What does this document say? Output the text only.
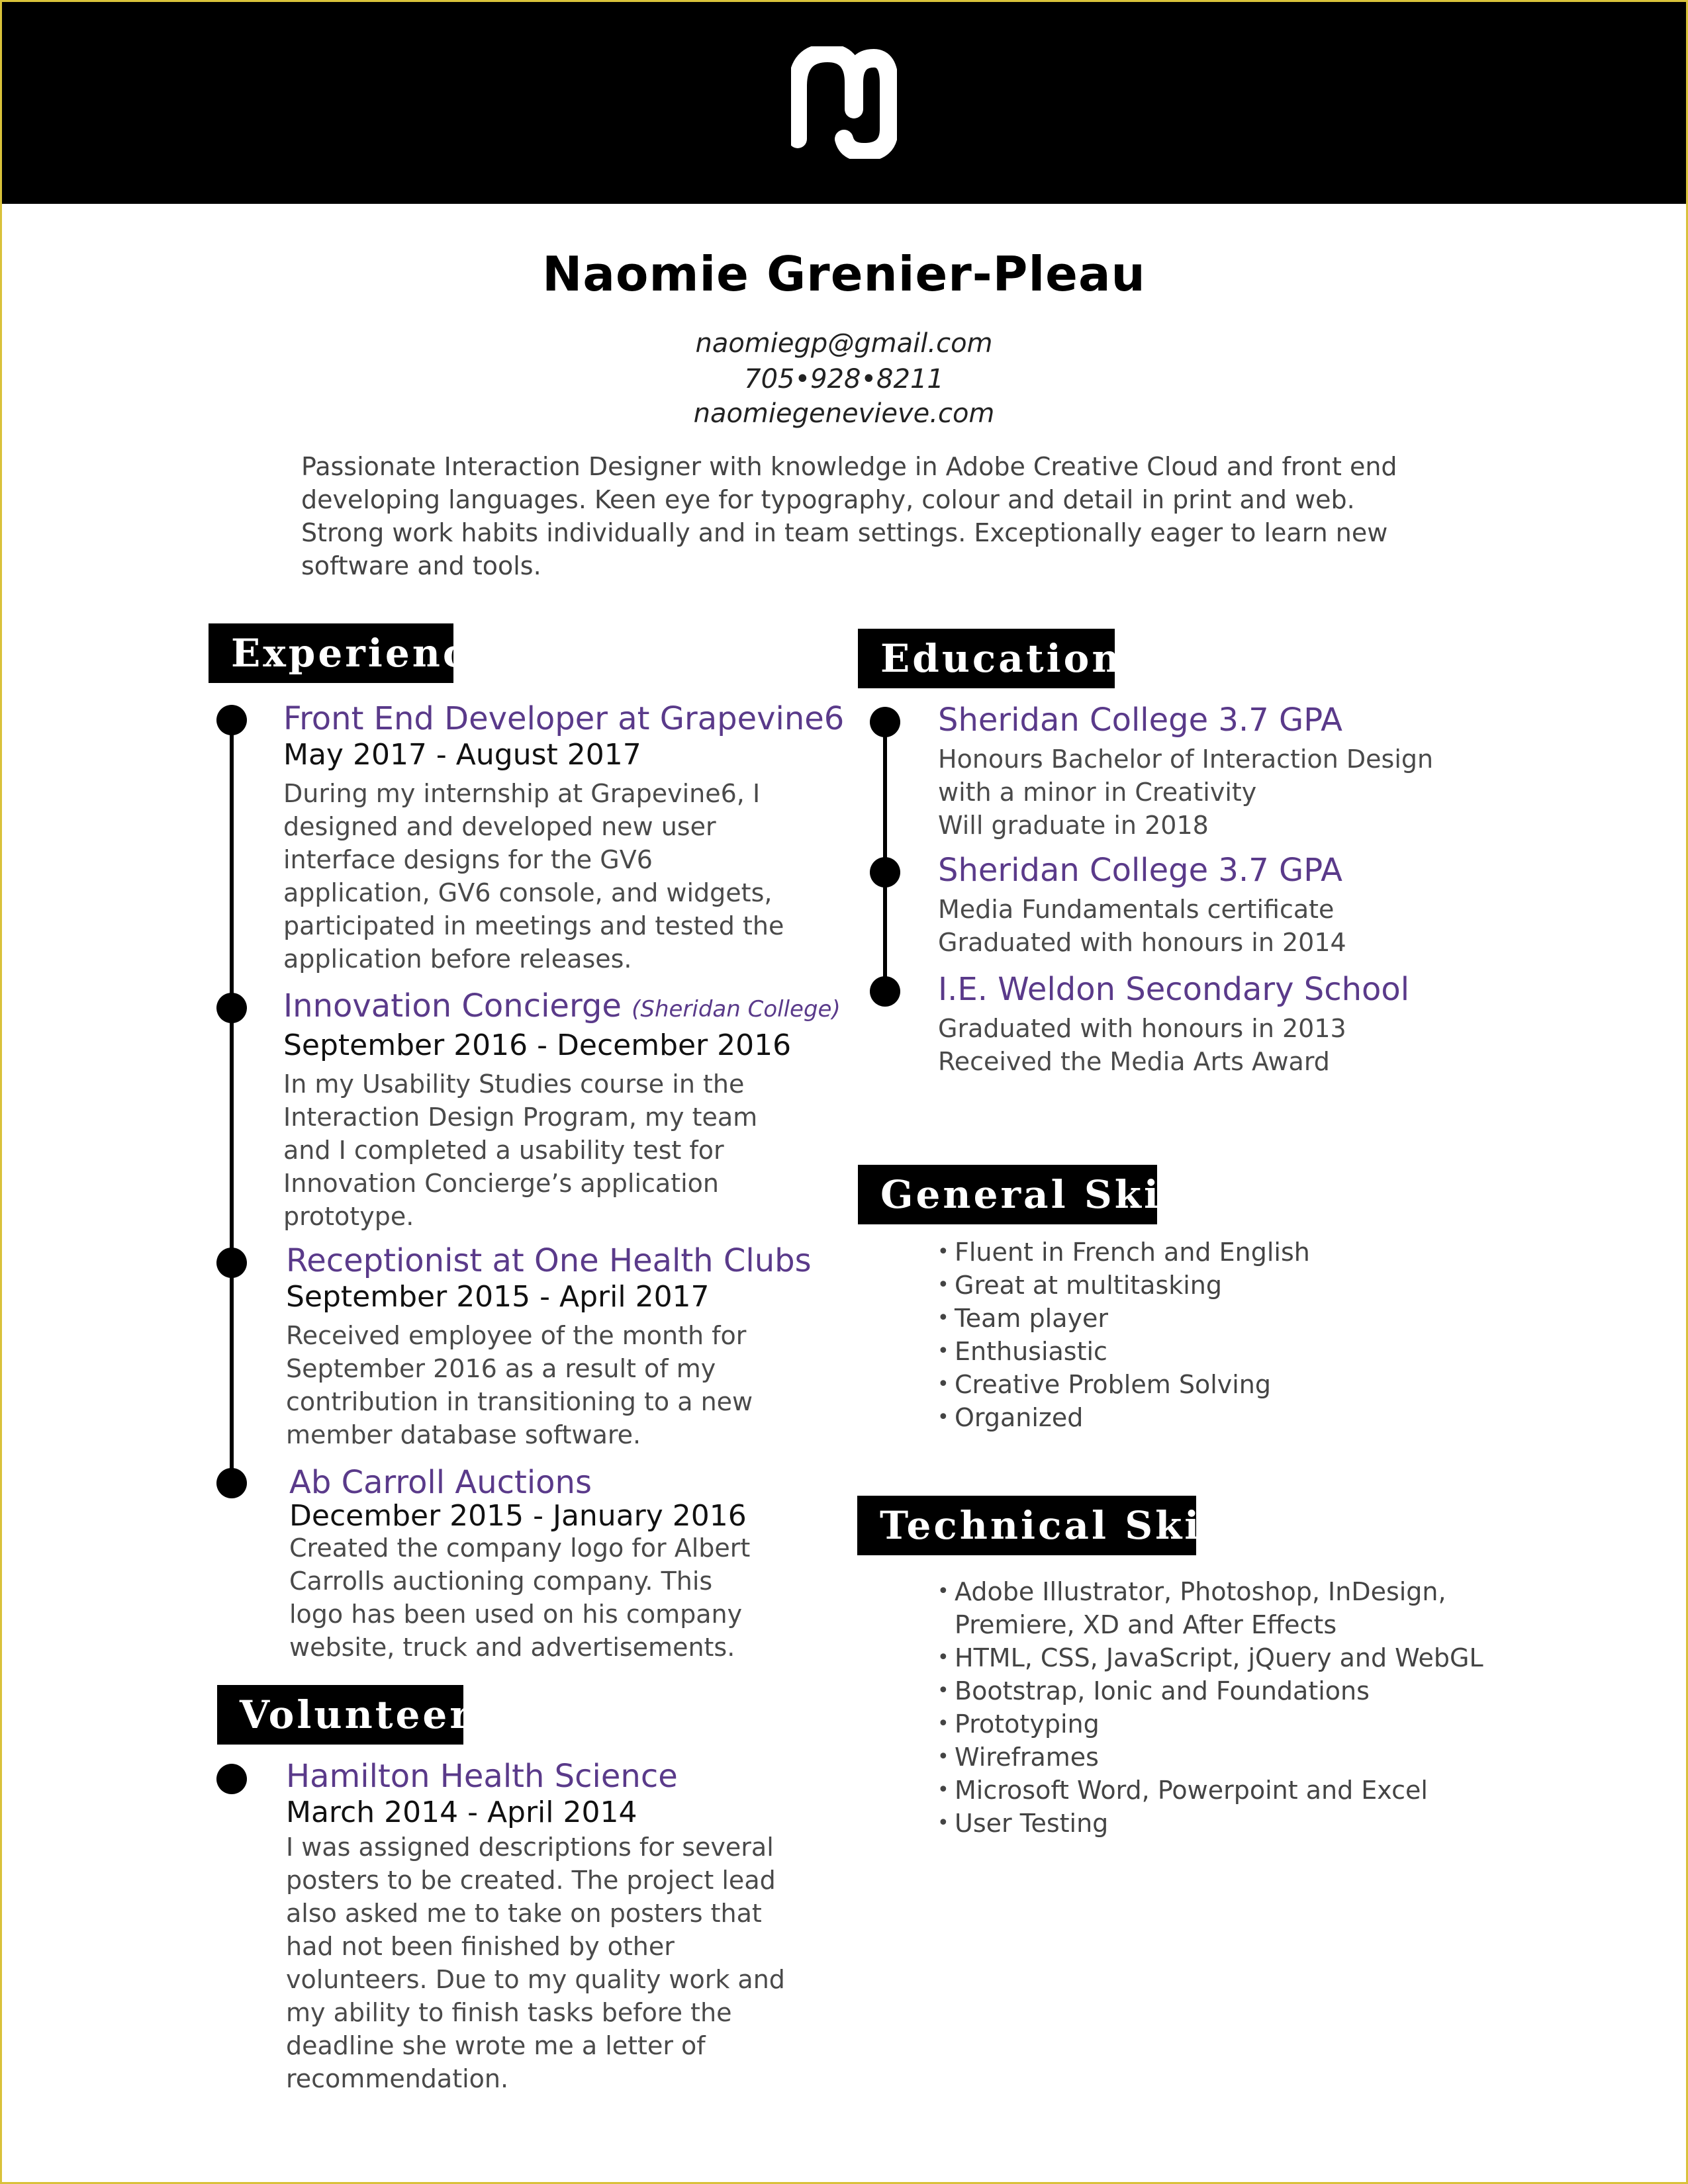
Naomie Grenier-Pleau
naomiegp@gmail.com
705•928•8211
naomiegenevieve.com
Passionate Interaction Designer with knowledge in Adobe Creative Cloud and front end developing languages. Keen eye for typography, colour and detail in print and web. Strong work habits individually and in team settings. Exceptionally eager to learn new software and tools.
Experience
Front End Developer at Grapevine6
May 2017 - August 2017
During my internship at Grapevine6, I designed and developed new user interface designs for the GV6 application, GV6 console, and widgets, participated in meetings and tested the application before releases.
Innovation Concierge (Sheridan College)
September 2016 - December 2016
In my Usability Studies course in the Interaction Design Program, my team and I completed a usability test for Innovation Concierge’s application prototype.
Receptionist at One Health Clubs
September 2015 - April 2017
Received employee of the month for September 2016 as a result of my contribution in transitioning to a new member database software.
Ab Carroll Auctions
December 2015 - January 2016
Created the company logo for Albert Carrolls auctioning company. This logo has been used on his company website, truck and advertisements.
Volunteer
Hamilton Health Science
March 2014 - April 2014
I was assigned descriptions for several posters to be created. The project lead also asked me to take on posters that had not been finished by other volunteers. Due to my quality work and my ability to finish tasks before the deadline she wrote me a letter of recommendation.
Education
Sheridan College 3.7 GPA
Honours Bachelor of Interaction Design
with a minor in Creativity
Will graduate in 2018
Sheridan College 3.7 GPA
Media Fundamentals certificate
Graduated with honours in 2014
I.E. Weldon Secondary School
Graduated with honours in 2013
Received the Media Arts Award
General Skills
• Fluent in French and English
• Great at multitasking
• Team player
• Enthusiastic
• Creative Problem Solving
• Organized
Technical Skills
• Adobe Illustrator, Photoshop, InDesign, Premiere, XD and After Effects
• HTML, CSS, JavaScript, jQuery and WebGL
• Bootstrap, Ionic and Foundations
• Prototyping
• Wireframes
• Microsoft Word, Powerpoint and Excel
• User Testing
